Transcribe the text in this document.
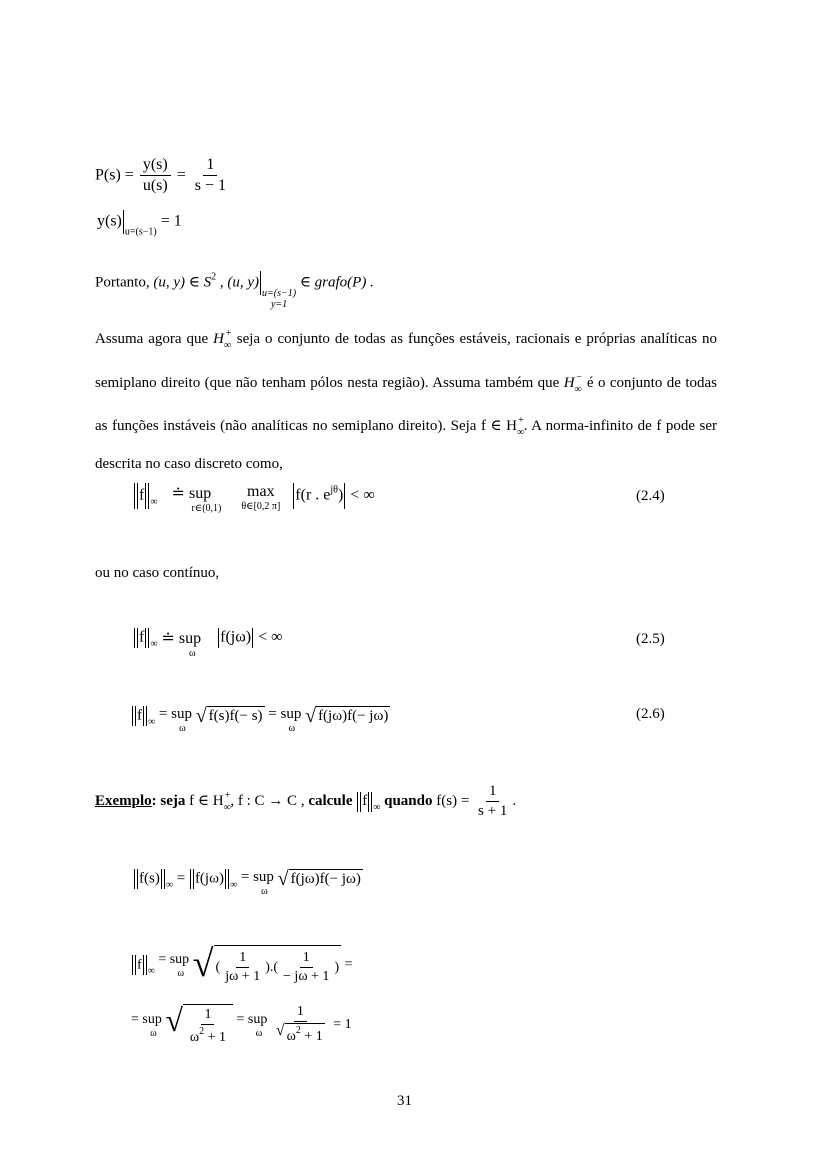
$P(s) = \frac{y(s)}{u(s)} = \frac{1}{s - 1}$
$y(s)_{u=(s-1)} = 1$
Portanto, (u, y) ∈ $S^2$ , (u, y)
u=(s−1)
y=1
∈ grafo(P) .
Assuma agora que $H_\infty^+$ seja o conjunto de todas as funções estáveis, racionais e próprias analíticas no semiplano direito (que não tenham pólos nesta região). Assuma também que $H_\infty^-$ é o conjunto de todas as funções instáveis (não analíticas no semiplano direito). Seja f ∈ $H_\infty^+$. A norma-infinito de f pode ser descrita no caso discreto como,
f $_\infty$
≐ sup
r∈(0,1)

max
θ∈[0,2 π]
f(r . $e^{j\theta}$) < ∞	(2.4)
ou no caso contínuo,
f $_\infty$ ≐ sup
ω
f(jω) < ∞	(2.5)
f $_\infty$
= sup
ω

√ f(s)f(− s)
= sup
ω

√ f(jω)f(− jω)	(2.6)
Exemplo: seja f ∈ $H_\infty^+$, f : C → C , calcule f $_\infty$ quando $f(s) = \frac{1}{s + 1}$ .
f(s) $_\infty$ = f(jω) $_\infty$
= sup
ω

√ f(jω)f(− jω)
f $_\infty$
= sup
ω
√ ( $\frac{1}{j\omega + 1}$ ).( $\frac{1}{- j\omega + 1}$ ) =
= sup
ω
√ $\frac{1}{\omega^2 + 1}$
= sup
ω
$\frac{1}{√ \omega^2 + 1} = 1$
31
